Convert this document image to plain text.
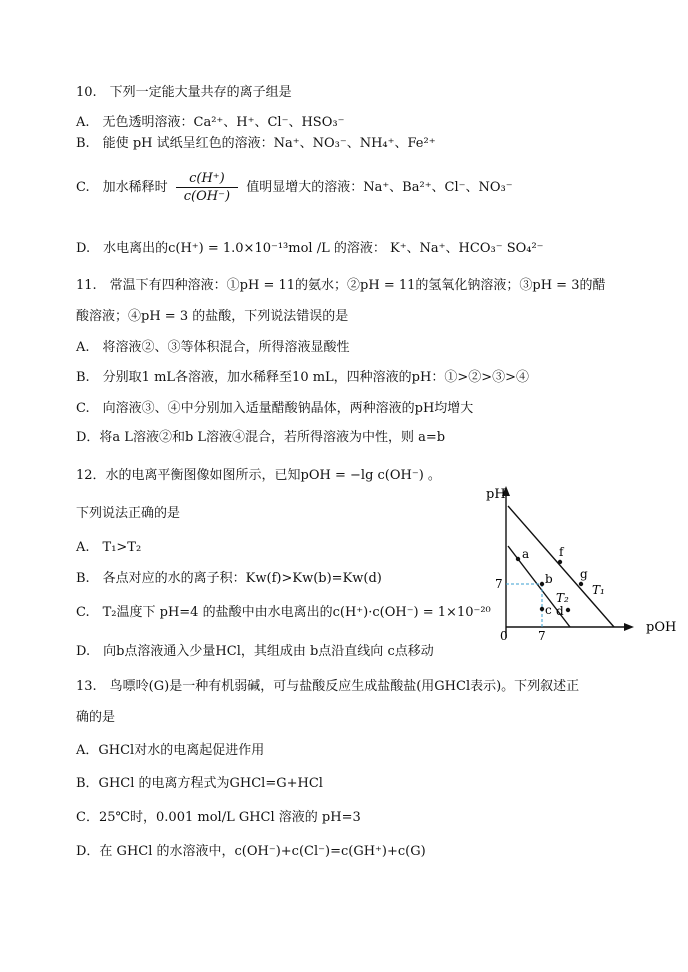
10.　下列一定能大量共存的离子组是
A.　无色透明溶液：Ca²⁺、H⁺、Cl⁻、HSO₃⁻
B.　能使 pH 试纸呈红色的溶液：Na⁺、NO₃⁻、NH₄⁺、Fe²⁺
C.　加水稀释时 $\frac{c(H^+)}{c(OH^-)}$ 值明显增大的溶液：Na⁺、Ba²⁺、Cl⁻、NO₃⁻
D.　水电离出的c(H⁺) = 1.0×10⁻¹³mol /L 的溶液： K⁺、Na⁺、HCO₃⁻ SO₄²⁻
11.　常温下有四种溶液：①pH = 11的氨水；②pH = 11的氢氧化钠溶液；③pH = 3的醋
酸溶液；④pH = 3 的盐酸，下列说法错误的是
A.　将溶液②、③等体积混合，所得溶液显酸性
B.　分别取1 mL各溶液，加水稀释至10 mL，四种溶液的pH：①>②>③>④
C.　向溶液③、④中分别加入适量醋酸钠晶体，两种溶液的pH均增大
D．将a L溶液②和b L溶液④混合，若所得溶液为中性，则 a=b
12．水的电离平衡图像如图所示，已知pOH = −lg c(OH⁻) 。
下列说法正确的是
A.　T₁>T₂
B.　各点对应的水的离子积：Kw(f)>Kw(b)=Kw(d)
C.　T₂温度下 pH=4 的盐酸中由水电离出的c(H⁺)·c(OH⁻) = 1×10⁻²⁰
D.　向b点溶液通入少量HCl，其组成由 b点沿直线向 c点移动
13.　鸟嘌呤(G)是一种有机弱碱，可与盐酸反应生成盐酸盐(用GHCl表示)。下列叙述正
确的是
A．GHCl对水的电离起促进作用
B．GHCl 的电离方程式为GHCl=G+HCl
C．25℃时，0.001 mol/L GHCl 溶液的 pH=3
D．在 GHCl 的水溶液中，c(OH⁻)+c(Cl⁻)=c(GH⁺)+c(G)
pH
pOH
0
7
7
T₁
T₂
a
b
c d
f
g
